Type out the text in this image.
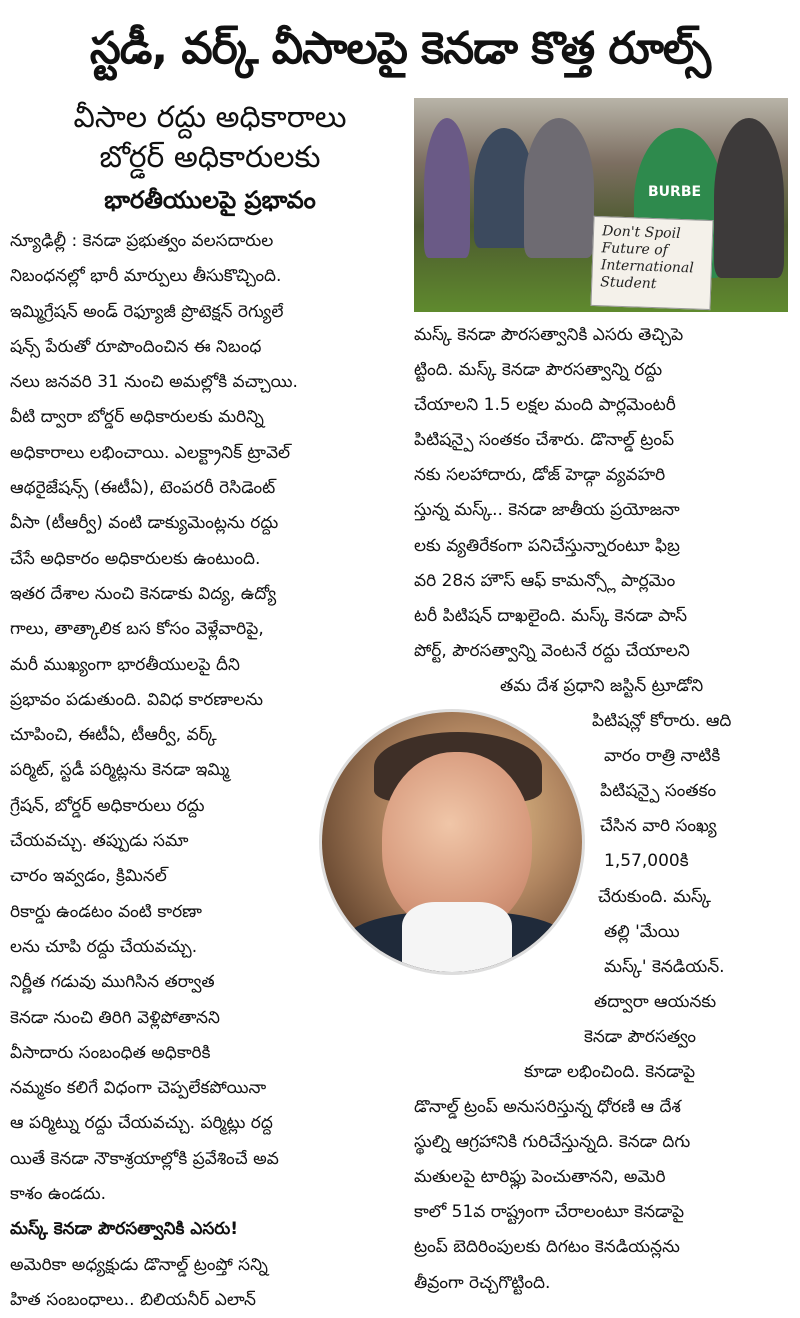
స్టడీ, వర్క్ వీసాలపై కెనడా కొత్త రూల్స్
వీసాల రద్దు అధికారాలు
బోర్డర్ అధికారులకు
భారతీయులపై ప్రభావం	BURBE
Don't Spoil
Future of
International
Student
న్యూఢిల్లీ : కెనడా ప్రభుత్వం వలసదారుల
నిబంధనల్లో భారీ మార్పులు తీసుకొచ్చింది.
ఇమ్మిగ్రేషన్ అండ్ రెఫ్యూజీ ప్రొటెక్షన్ రెగ్యులే
షన్స్ పేరుతో రూపొందించిన ఈ నిబంధ
నలు జనవరి 31 నుంచి అమల్లోకి వచ్చాయి.
వీటి ద్వారా బోర్డర్ అధికారులకు మరిన్ని
అధికారాలు లభించాయి. ఎలక్ట్రానిక్ ట్రావెల్
ఆథరైజేషన్స్ (ఈటీఏ), టెంపరరీ రెసిడెంట్
వీసా (టీఆర్వీ) వంటి డాక్యుమెంట్లను రద్దు
చేసే అధికారం అధికారులకు ఉంటుంది.
ఇతర దేశాల నుంచి కెనడాకు విద్య, ఉద్యో
గాలు, తాత్కాలిక బస కోసం వెళ్లేవారిపై,
మరీ ముఖ్యంగా భారతీయులపై దీని
ప్రభావం పడుతుంది. వివిధ కారణాలను
చూపించి, ఈటీఏ, టీఆర్వీ, వర్క్
పర్మిట్, స్టడీ పర్మిట్లను కెనడా ఇమ్మి
గ్రేషన్, బోర్డర్ అధికారులు రద్దు
చేయవచ్చు. తప్పుడు సమా
చారం ఇవ్వడం, క్రిమినల్
రికార్డు ఉండటం వంటి కారణా
లను చూపి రద్దు చేయవచ్చు.
నిర్ణీత గడువు ముగిసిన తర్వాత
కెనడా నుంచి తిరిగి వెళ్లిపోతానని
వీసాదారు సంబంధిత అధికారికి
నమ్మకం కలిగే విధంగా చెప్పలేకపోయినా
ఆ పర్మిట్ను రద్దు చేయవచ్చు. పర్మిట్లు రద్ద
యితే కెనడా నౌకాశ్రయాల్లోకి ప్రవేశించే అవ
కాశం ఉండదు.
మస్క్ కెనడా పౌరసత్వానికి ఎసరు!
అమెరికా అధ్యక్షుడు డొనాల్డ్ ట్రంప్తో సన్ని
హిత సంబంధాలు.. బిలియనీర్ ఎలాన్
మస్క్ కెనడా పౌరసత్వానికి ఎసరు తెచ్చిపె
ట్టింది. మస్క్ కెనడా పౌరసత్వాన్ని రద్దు
చేయాలని 1.5 లక్షల మంది పార్లమెంటరీ
పిటిషన్పై సంతకం చేశారు. డొనాల్డ్ ట్రంప్
నకు సలహాదారు, డోజ్ హెడ్గా వ్యవహరి
స్తున్న మస్క్.. కెనడా జాతీయ ప్రయోజనా
లకు వ్యతిరేకంగా పనిచేస్తున్నారంటూ ఫిబ్ర
వరి 28న హౌస్ ఆఫ్ కామన్స్లో పార్లమెం
టరీ పిటిషన్ దాఖలైంది. మస్క్ కెనడా పాస్
పోర్ట్, పౌరసత్వాన్ని వెంటనే రద్దు చేయాలని
తమ దేశ ప్రధాని జస్టిన్ ట్రూడోని
పిటిషన్లో కోరారు. ఆది
వారం రాత్రి నాటికి
పిటిషన్పై సంతకం
చేసిన వారి సంఖ్య
1,57,000కి
చేరుకుంది. మస్క్
తల్లి 'మేయి
మస్క్' కెనడియన్.
తద్వారా ఆయనకు
కెనడా పౌరసత్వం
కూడా లభించింది. కెనడాపై
డొనాల్డ్ ట్రంప్ అనుసరిస్తున్న ధోరణి ఆ దేశ
స్థుల్ని ఆగ్రహానికి గురిచేస్తున్నది. కెనడా దిగు
మతులపై టారిఫ్లు పెంచుతానని, అమెరి
కాలో 51వ రాష్ట్రంగా చేరాలంటూ కెనడాపై
ట్రంప్ బెదిరింపులకు దిగటం కెనడియన్లను
తీవ్రంగా రెచ్చగొట్టింది.
